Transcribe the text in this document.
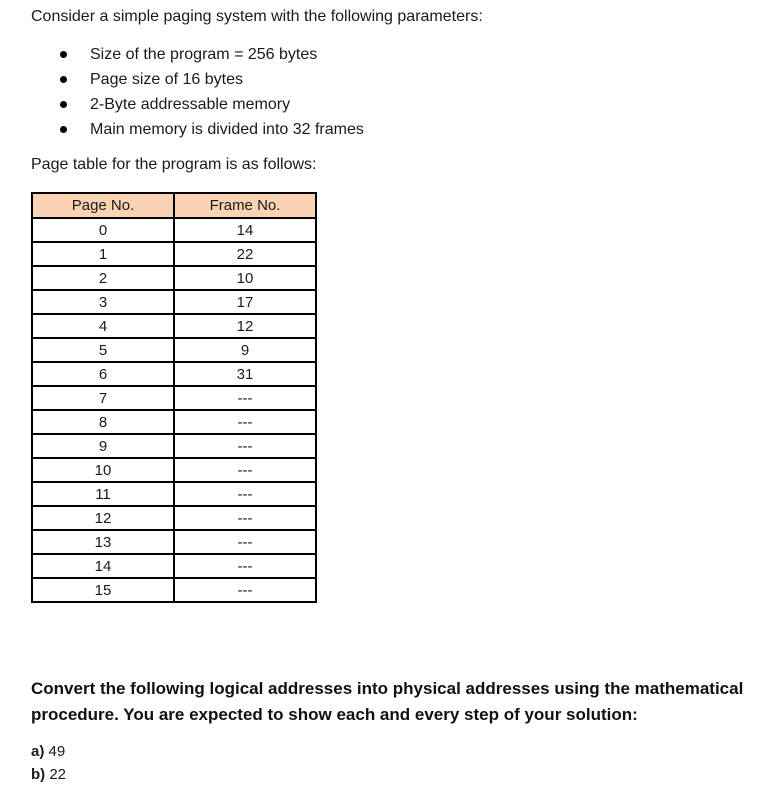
Consider a simple paging system with the following parameters:
Size of the program = 256 bytes
Page size of 16 bytes
2-Byte addressable memory
Main memory is divided into 32 frames
Page table for the program is as follows:
Page No.	Frame No.
0	14
1	22
2	10
3	17
4	12
5	9
6	31
7	---
8	---
9	---
10	---
11	---
12	---
13	---
14	---
15	---
Convert the following logical addresses into physical addresses using the mathematical procedure. You are expected to show each and every step of your solution:
a) 49
b) 22
